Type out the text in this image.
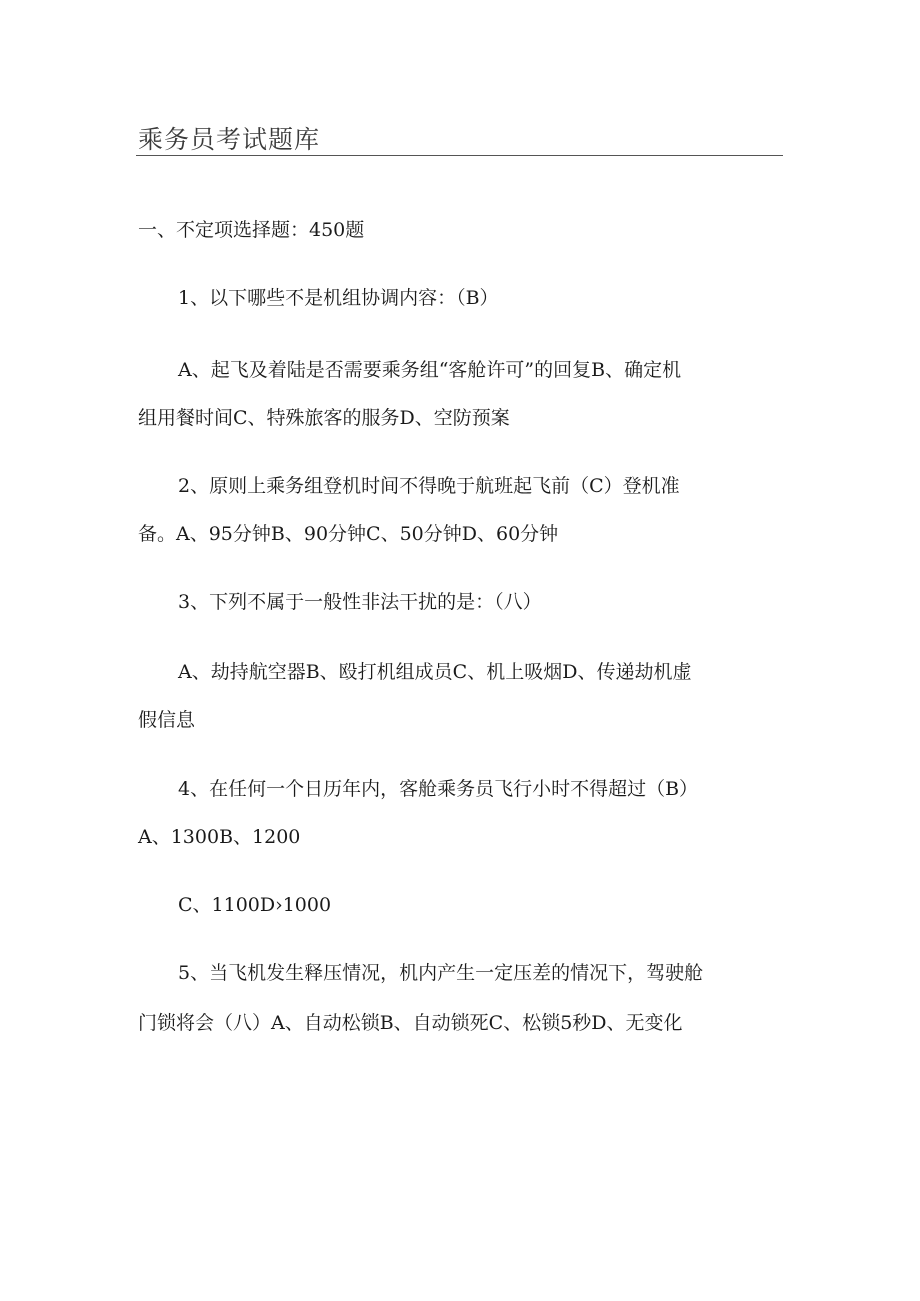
乘务员考试题库
一、不定项选择题：450题
1、以下哪些不是机组协调内容：（B）
A、起飞及着陆是否需要乘务组“客舱许可”的回复B、确定机
组用餐时间C、特殊旅客的服务D、空防预案
2、原则上乘务组登机时间不得晚于航班起飞前（C）登机准
备。A、95分钟B、90分钟C、50分钟D、60分钟
3、下列不属于一般性非法干扰的是：（八）
A、劫持航空器B、殴打机组成员C、机上吸烟D、传递劫机虚
假信息
4、在任何一个日历年内，客舱乘务员飞行小时不得超过（B）
A、1300B、1200
C、1100D›1000
5、当飞机发生释压情况，机内产生一定压差的情况下，驾驶舱
门锁将会（八）A、自动松锁B、自动锁死C、松锁5秒D、无变化
